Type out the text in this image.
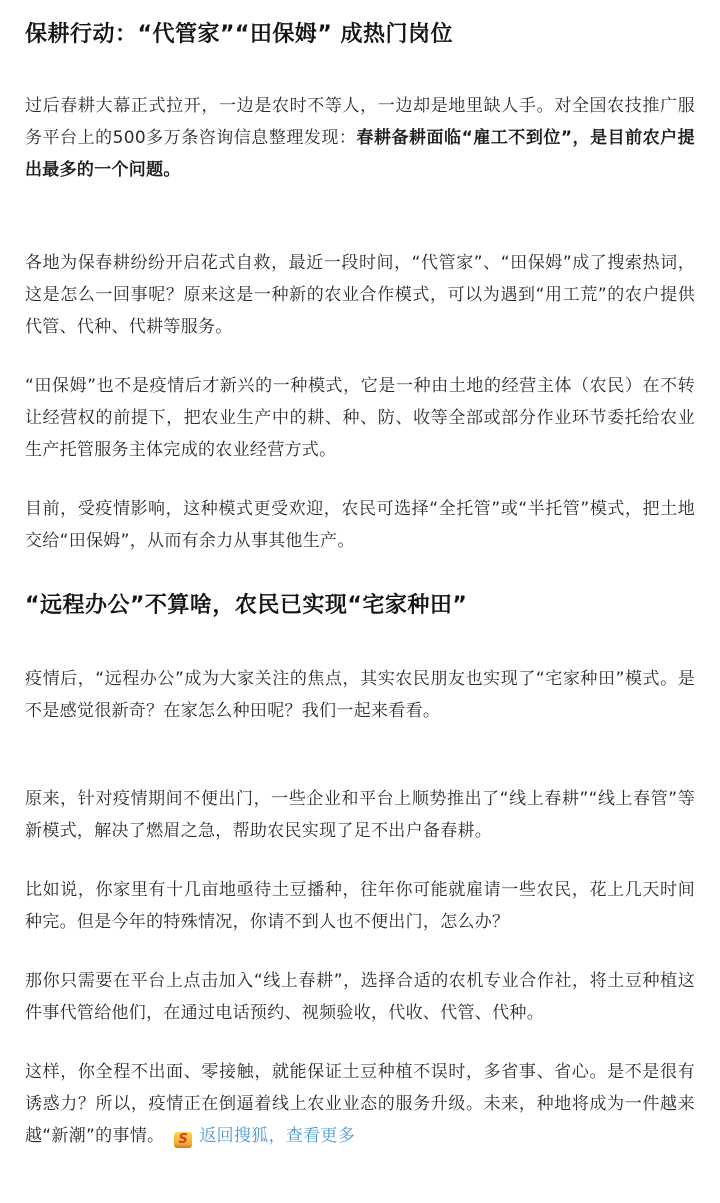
保耕行动：“代管家”“田保姆” 成热门岗位

过后春耕大幕正式拉开，一边是农时不等人，一边却是地里缺人手。对全国农技推广服务平台上的500多万条咨询信息整理发现：春耕备耕面临“雇工不到位”，是目前农户提出最多的一个问题。

各地为保春耕纷纷开启花式自救，最近一段时间，“代管家”、“田保姆”成了搜索热词，这是怎么一回事呢？原来这是一种新的农业合作模式，可以为遇到“用工荒”的农户提供代管、代种、代耕等服务。

“田保姆”也不是疫情后才新兴的一种模式，它是一种由土地的经营主体（农民）在不转让经营权的前提下，把农业生产中的耕、种、防、收等全部或部分作业环节委托给农业生产托管服务主体完成的农业经营方式。

目前，受疫情影响，这种模式更受欢迎，农民可选择“全托管”或“半托管”模式，把土地交给“田保姆”，从而有余力从事其他生产。

“远程办公”不算啥，农民已实现“宅家种田”

疫情后，“远程办公”成为大家关注的焦点，其实农民朋友也实现了“宅家种田”模式。是不是感觉很新奇？在家怎么种田呢？我们一起来看看。

原来，针对疫情期间不便出门，一些企业和平台上顺势推出了“线上春耕”“线上春管”等新模式，解决了燃眉之急，帮助农民实现了足不出户备春耕。

比如说，你家里有十几亩地亟待土豆播种，往年你可能就雇请一些农民，花上几天时间种完。但是今年的特殊情况，你请不到人也不便出门，怎么办？

那你只需要在平台上点击加入“线上春耕”，选择合适的农机专业合作社，将土豆种植这件事代管给他们，在通过电话预约、视频验收，代收、代管、代种。

这样，你全程不出面、零接触，就能保证土豆种植不误时，多省事、省心。是不是很有诱惑力？所以，疫情正在倒逼着线上农业业态的服务升级。未来，种地将成为一件越来越“新潮”的事情。 S 返回搜狐，查看更多
